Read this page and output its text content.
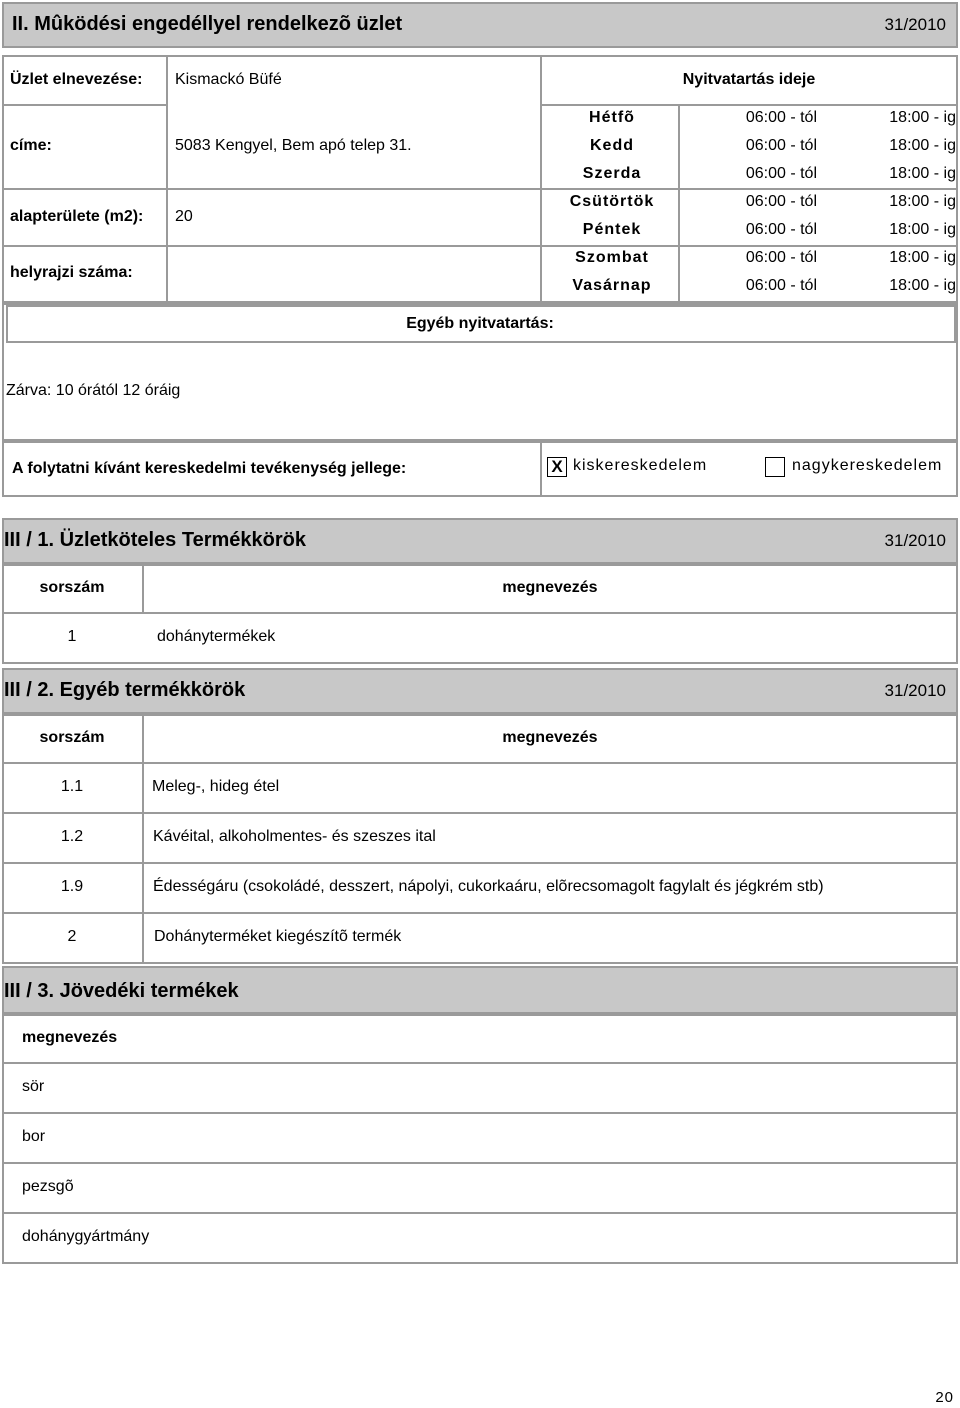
II. Mûködési engedéllyel rendelkezõ üzlet	31/2010
Üzlet elnevezése: Kismackó Büfé
címe:	5083 Kengyel, Bem apó telep 31.
alapterülete (m2): 20
helyrajzi száma:
Nyitvatartás ideje
Hétfõ	06:00 - tól	18:00 - ig
Kedd	06:00 - tól	18:00 - ig
Szerda	06:00 - tól	18:00 - ig
Csütörtök	06:00 - tól	18:00 - ig
Péntek	06:00 - tól	18:00 - ig
Szombat	06:00 - tól	18:00 - ig
Vasárnap	06:00 - tól	18:00 - ig
Egyéb nyitvatartás:
Zárva: 10 órától 12 óráig
A folytatni kívánt kereskedelmi tevékenység jellege:	X kiskereskedelem	nagykereskedelem
III / 1. Üzletköteles Termékkörök	31/2010
sorszám	megnevezés
1	dohánytermékek
III / 2. Egyéb termékkörök	31/2010
sorszám	megnevezés
1.1	Meleg-, hideg étel
1.2	Kávéital, alkoholmentes- és szeszes ital
1.9	Édességáru (csokoládé, desszert, nápolyi, cukorkaáru, elõrecsomagolt fagylalt és jégkrém stb)
2	Dohányterméket kiegészítõ termék
III / 3. Jövedéki termékek
megnevezés
sör
bor
pezsgõ
dohánygyártmány
20
